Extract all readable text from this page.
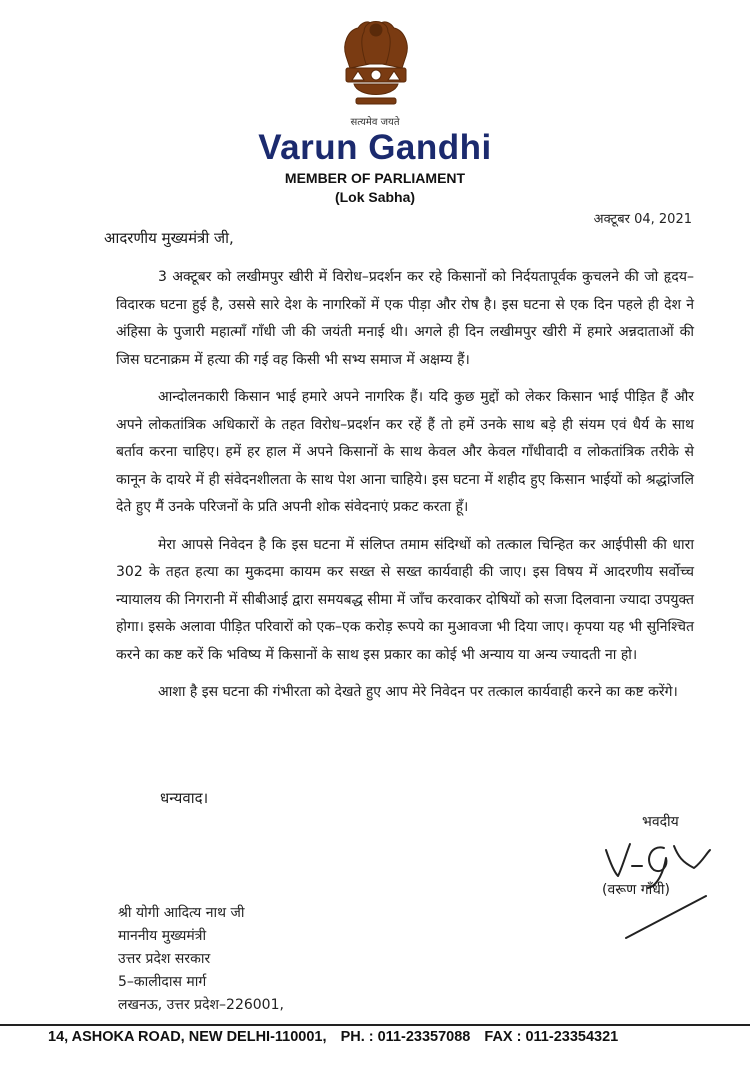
सत्यमेव जयते
Varun Gandhi
MEMBER OF PARLIAMENT
(Lok Sabha)
अक्टूबर 04, 2021
आदरणीय मुख्यमंत्री जी,

3 अक्टूबर को लखीमपुर खीरी में विरोध–प्रदर्शन कर रहे किसानों को निर्दयतापूर्वक कुचलने की जो हृदय–विदारक घटना हुई है, उससे सारे देश के नागरिकों में एक पीड़ा और रोष है। इस घटना से एक दिन पहले ही देश ने अंहिसा के पुजारी महात्माँ गाँधी जी की जयंती मनाई थी। अगले ही दिन लखीमपुर खीरी में हमारे अन्नदाताओं की जिस घटनाक्रम में हत्या की गई वह किसी भी सभ्य समाज में अक्षम्य हैं।

आन्दोलनकारी किसान भाई हमारे अपने नागरिक हैं। यदि कुछ मुद्दों को लेकर किसान भाई पीड़ित हैं और अपने लोकतांत्रिक अधिकारों के तहत विरोध–प्रदर्शन कर रहें हैं तो हमें उनके साथ बड़े ही संयम एवं धैर्य के साथ बर्ताव करना चाहिए। हमें हर हाल में अपने किसानों के साथ केवल और केवल गाँधीवादी व लोकतांत्रिक तरीके से कानून के दायरे में ही संवेदनशीलता के साथ पेश आना चाहिये। इस घटना में शहीद हुए किसान भाईयों को श्रद्धांजलि देते हुए मैं उनके परिजनों के प्रति अपनी शोक संवेदनाएं प्रकट करता हूँ।

मेरा आपसे निवेदन है कि इस घटना में संलिप्त तमाम संदिग्धों को तत्काल चिन्हित कर आईपीसी की धारा 302 के तहत हत्या का मुकदमा कायम कर सख्त से सख्त कार्यवाही की जाए। इस विषय में आदरणीय सर्वोच्च न्यायालय की निगरानी में सीबीआई द्वारा समयबद्ध सीमा में जाँच करवाकर दोषियों को सजा दिलवाना ज्यादा उपयुक्त होगा। इसके अलावा पीड़ित परिवारों को एक–एक करोड़ रूपये का मुआवजा भी दिया जाए। कृपया यह भी सुनिश्चित करने का कष्ट करें कि भविष्य में किसानों के साथ इस प्रकार का कोई भी अन्याय या अन्य ज्यादती ना हो।

आशा है इस घटना की गंभीरता को देखते हुए आप मेरे निवेदन पर तत्काल कार्यवाही करने का कष्ट करेंगे।

धन्यवाद।
भवदीय
(वरूण गाँधी)
श्री योगी आदित्य नाथ जी
माननीय मुख्यमंत्री
उत्तर प्रदेश सरकार
5–कालीदास मार्ग
लखनऊ, उत्तर प्रदेश–226001,
14, ASHOKA ROAD, NEW DELHI-110001, PH. : 011-23357088 FAX : 011-23354321
